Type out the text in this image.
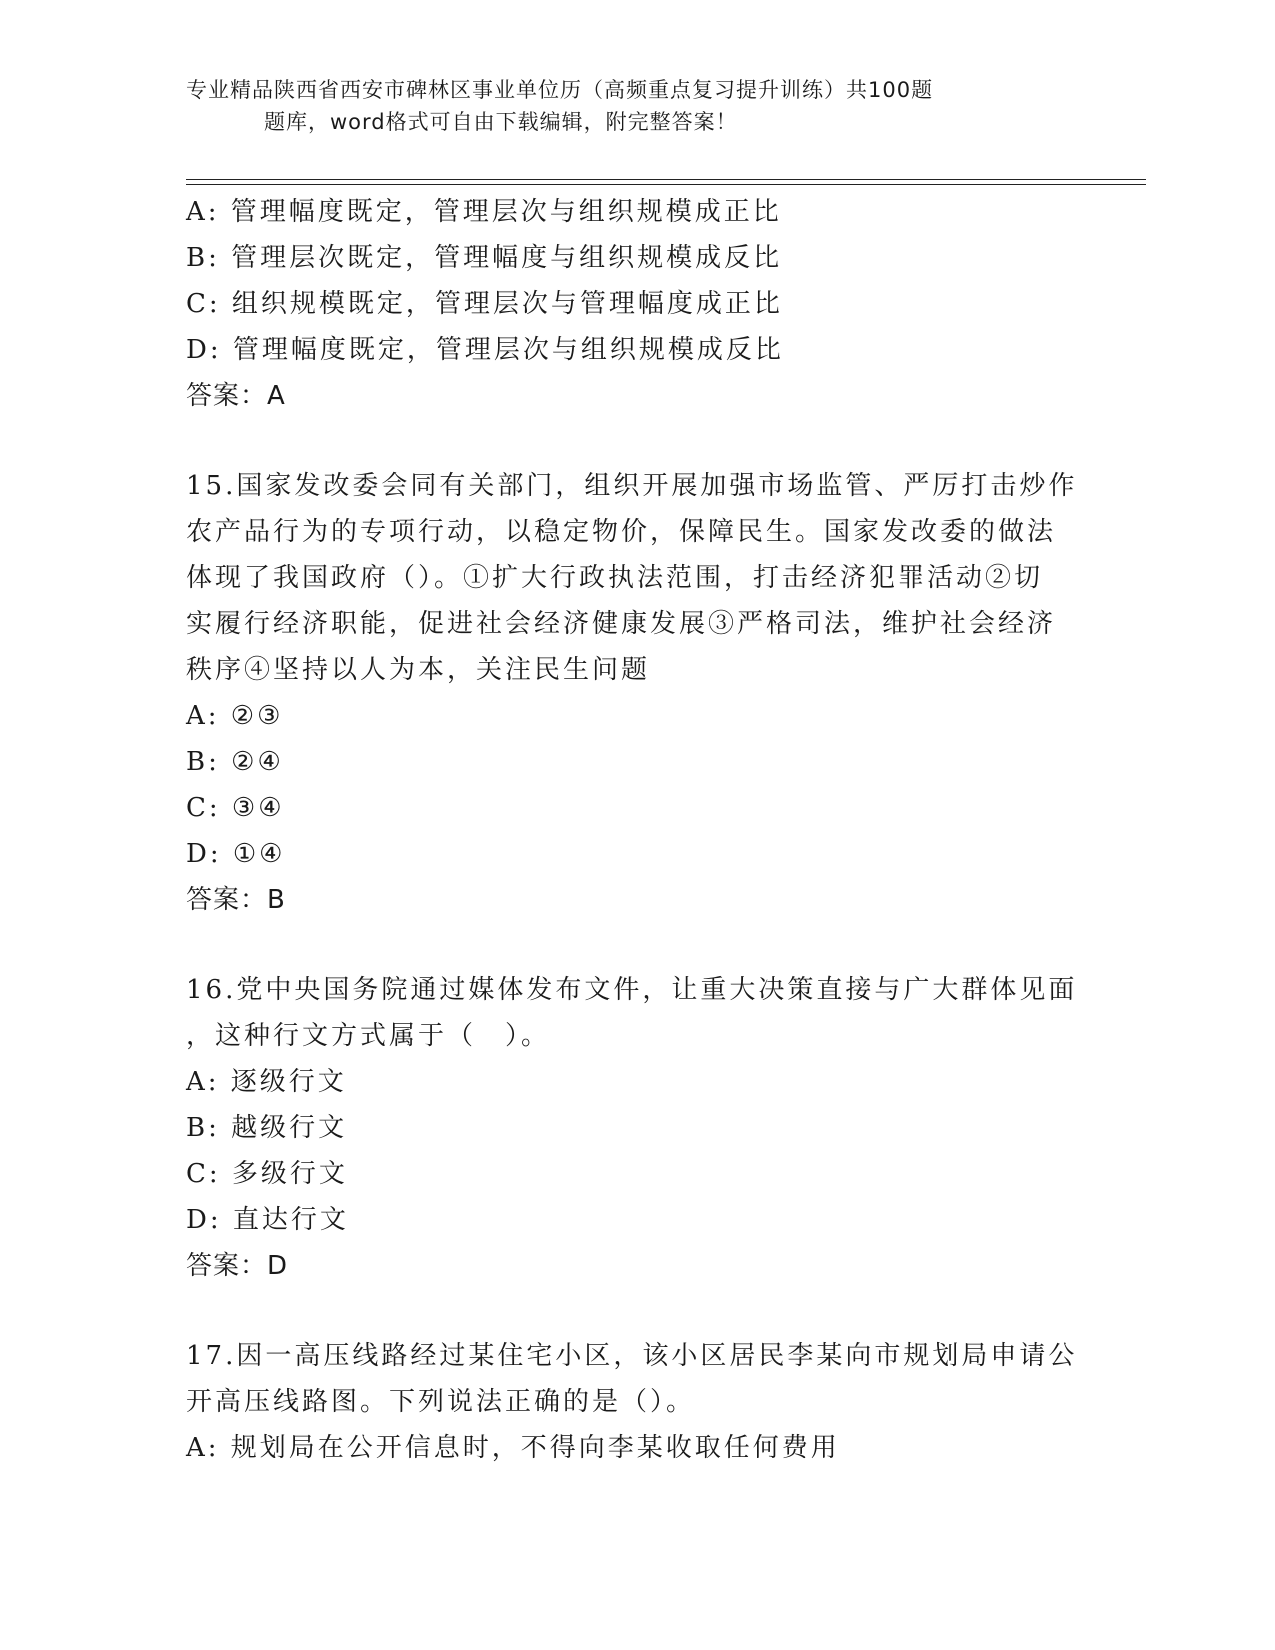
专业精品陕西省西安市碑林区事业单位历（高频重点复习提升训练）共100题
题库，word格式可自由下载编辑，附完整答案！
A: 管理幅度既定，管理层次与组织规模成正比
B: 管理层次既定，管理幅度与组织规模成反比
C: 组织规模既定，管理层次与管理幅度成正比
D: 管理幅度既定，管理层次与组织规模成反比
答案：A
15.国家发改委会同有关部门，组织开展加强市场监管、严厉打击炒作
农产品行为的专项行动，以稳定物价，保障民生。国家发改委的做法
体现了我国政府（）。①扩大行政执法范围，打击经济犯罪活动②切
实履行经济职能，促进社会经济健康发展③严格司法，维护社会经济
秩序④坚持以人为本，关注民生问题
A: ②③
B: ②④
C: ③④
D: ①④
答案：B
16.党中央国务院通过媒体发布文件，让重大决策直接与广大群体见面
，这种行文方式属于（　）。
A: 逐级行文
B: 越级行文
C: 多级行文
D: 直达行文
答案：D
17.因一高压线路经过某住宅小区，该小区居民李某向市规划局申请公
开高压线路图。下列说法正确的是（）。
A: 规划局在公开信息时，不得向李某收取任何费用
